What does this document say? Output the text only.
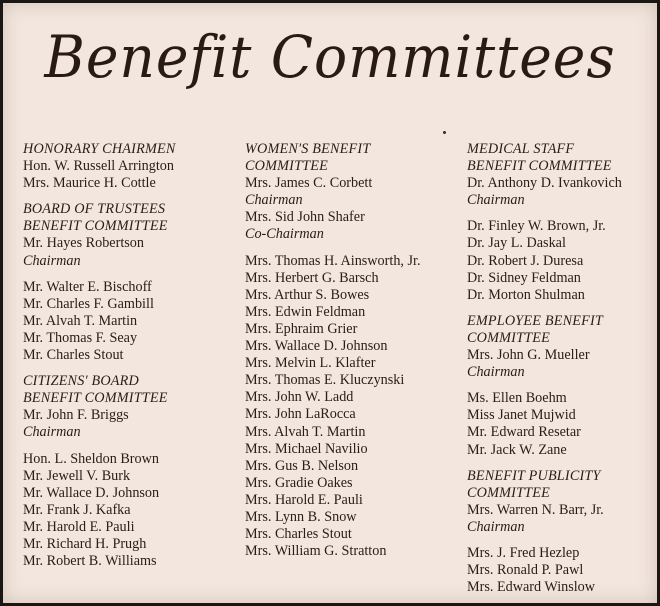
Benefit Committees
HONORARY CHAIRMEN
Hon. W. Russell Arrington
Mrs. Maurice H. Cottle
BOARD OF TRUSTEES
BENEFIT COMMITTEE
Mr. Hayes Robertson
Chairman
Mr. Walter E. Bischoff
Mr. Charles F. Gambill
Mr. Alvah T. Martin
Mr. Thomas F. Seay
Mr. Charles Stout
CITIZENS' BOARD
BENEFIT COMMITTEE
Mr. John F. Briggs
Chairman
Hon. L. Sheldon Brown
Mr. Jewell V. Burk
Mr. Wallace D. Johnson
Mr. Frank J. Kafka
Mr. Harold E. Pauli
Mr. Richard H. Prugh
Mr. Robert B. Williams
WOMEN'S BENEFIT
COMMITTEE
Mrs. James C. Corbett
Chairman
Mrs. Sid John Shafer
Co-Chairman
Mrs. Thomas H. Ainsworth, Jr.
Mrs. Herbert G. Barsch
Mrs. Arthur S. Bowes
Mrs. Edwin Feldman
Mrs. Ephraim Grier
Mrs. Wallace D. Johnson
Mrs. Melvin L. Klafter
Mrs. Thomas E. Kluczynski
Mrs. John W. Ladd
Mrs. John LaRocca
Mrs. Alvah T. Martin
Mrs. Michael Navilio
Mrs. Gus B. Nelson
Mrs. Gradie Oakes
Mrs. Harold E. Pauli
Mrs. Lynn B. Snow
Mrs. Charles Stout
Mrs. William G. Stratton
MEDICAL STAFF
BENEFIT COMMITTEE
Dr. Anthony D. Ivankovich
Chairman
Dr. Finley W. Brown, Jr.
Dr. Jay L. Daskal
Dr. Robert J. Duresa
Dr. Sidney Feldman
Dr. Morton Shulman
EMPLOYEE BENEFIT
COMMITTEE
Mrs. John G. Mueller
Chairman
Ms. Ellen Boehm
Miss Janet Mujwid
Mr. Edward Resetar
Mr. Jack W. Zane
BENEFIT PUBLICITY
COMMITTEE
Mrs. Warren N. Barr, Jr.
Chairman
Mrs. J. Fred Hezlep
Mrs. Ronald P. Pawl
Mrs. Edward Winslow
